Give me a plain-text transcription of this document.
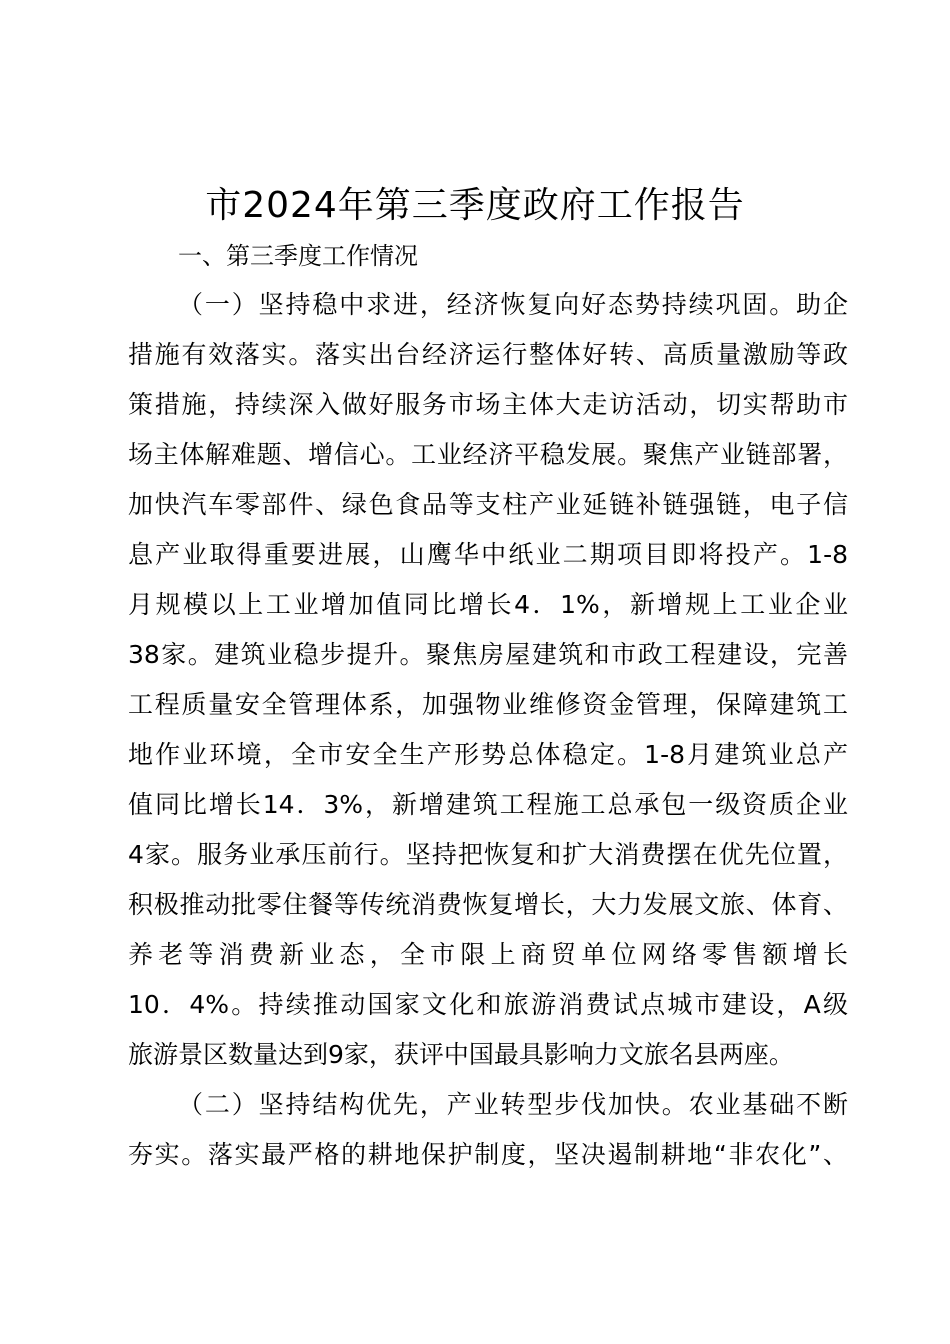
市2024年第三季度政府工作报告
一、第三季度工作情况
（一）坚持稳中求进，经济恢复向好态势持续巩固。助企
措施有效落实。落实出台经济运行整体好转、高质量激励等政
策措施，持续深入做好服务市场主体大走访活动，切实帮助市
场主体解难题、增信心。工业经济平稳发展。聚焦产业链部署，
加快汽车零部件、绿色食品等支柱产业延链补链强链，电子信
息产业取得重要进展，山鹰华中纸业二期项目即将投产。1-8
月规模以上工业增加值同比增长4．1%，新增规上工业企业
38家。建筑业稳步提升。聚焦房屋建筑和市政工程建设，完善
工程质量安全管理体系，加强物业维修资金管理，保障建筑工
地作业环境，全市安全生产形势总体稳定。1-8月建筑业总产
值同比增长14．3%，新增建筑工程施工总承包一级资质企业
4家。服务业承压前行。坚持把恢复和扩大消费摆在优先位置，
积极推动批零住餐等传统消费恢复增长，大力发展文旅、体育、
养老等消费新业态，全市限上商贸单位网络零售额增长
10．4%。持续推动国家文化和旅游消费试点城市建设，A级
旅游景区数量达到9家，获评中国最具影响力文旅名县两座。
（二）坚持结构优先，产业转型步伐加快。农业基础不断
夯实。落实最严格的耕地保护制度，坚决遏制耕地“非农化”、
